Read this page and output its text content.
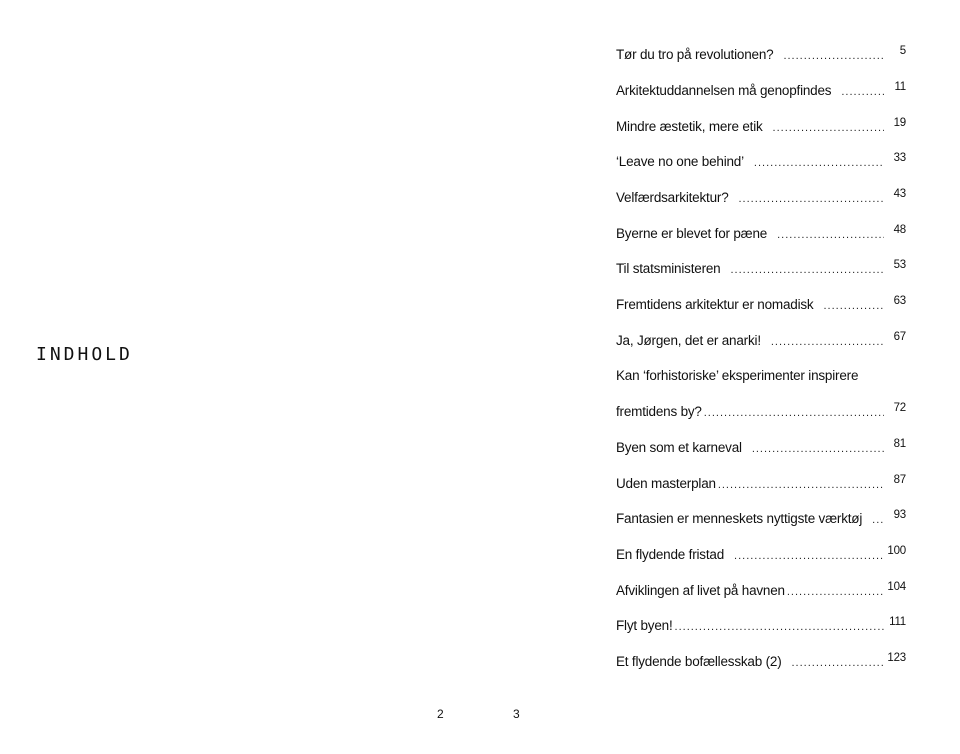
INDHOLD
2
Tør du tro på revolutionen? .....	5
Arkitektuddannelsen må genopfindes .....	11
Mindre æstetik, mere etik .....	19
‘Leave no one behind’ .....	33
Velfærdsarkitektur? .....	43
Byerne er blevet for pæne .....	48
Til statsministeren .....	53
Fremtidens arkitektur er nomadisk .....	63
Ja, Jørgen, det er anarki! .....	67
Kan ‘forhistoriske’ eksperimenter inspirere
fremtidens by? .....	72
Byen som et karneval .....	81
Uden masterplan .....	87
Fantasien er menneskets nyttigste værktøj .....	93
En flydende fristad .....	100
Afviklingen af livet på havnen .....	104
Flyt byen! .....	111
Et flydende bofællesskab (2) .....	123
3
